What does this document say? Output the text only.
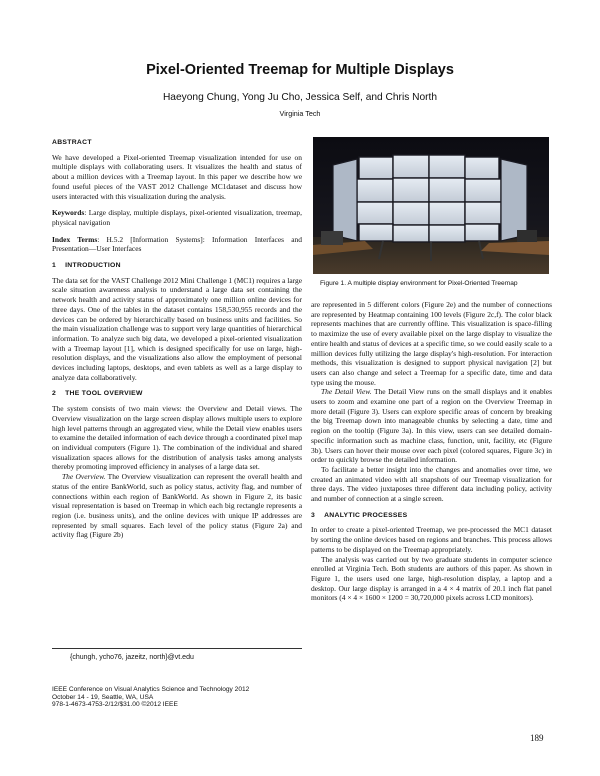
Pixel-Oriented Treemap for Multiple Displays
Haeyong Chung, Yong Ju Cho, Jessica Self, and Chris North
Virginia Tech
ABSTRACT

We have developed a Pixel-oriented Treemap visualization intended for use on multiple displays with collaborating users. It visualizes the health and status of about a million devices with a Treemap layout. In this paper we describe how we found useful pieces of the VAST 2012 Challenge MC1dataset and discuss how users interacted with this visualization during the analysis.

Keywords: Large display, multiple displays, pixel-oriented visualization, treemap, physical navigation

Index Terms: H.5.2 [Information Systems]: Information Interfaces and Presentation—User Interfaces

1 INTRODUCTION

The data set for the VAST Challenge 2012 Mini Challenge 1 (MC1) requires a large scale situation awareness analysis to understand a large data set containing the network health and activity status of approximately one million online devices for three days. One of the tables in the dataset contains 158,530,955 records and the devices can be ordered by hierarchically based on business units and facilities. So the main visualization challenge was to support very large quantities of hierarchical information. To analyze such big data, we developed a pixel-oriented visualization with a Treemap layout [1], which is designed specifically for use on large, high-resolution displays, and the visualizations also allow the employment of personal devices including laptops, desktops, and even tablets as well as a large display to analyze data collaboratively.

2 THE TOOL OVERVIEW

The system consists of two main views: the Overview and Detail views. The Overview visualization on the large screen display allows multiple users to explore high level patterns through an aggregated view, while the Detail view enables users to examine the detailed information of each device through a coordinated pixel map on individual computers (Figure 1). The combination of the individual and shared visualization spaces allows for the distribution of analysis tasks among analysts thereby promoting improved efficiency in analyses of a large data set.

The Overview. The Overview visualization can represent the overall health and status of the entire BankWorld, such as policy status, activity flag, and number of connections within each region of BankWorld. As shown in Figure 2, its basic visual representation is based on Treemap in which each big rectangle represents a region (i.e. business units), and the online devices with unique IP addresses are represented by small squares. Each level of the policy status (Figure 2a) and activity flag (Figure 2b)

{chungh, ycho76, jazeitz, north}@vt.edu
IEEE Conference on Visual Analytics Science and Technology 2012
October 14 - 19, Seattle, WA, USA
978-1-4673-4753-2/12/$31.00 ©2012 IEEE
Figure 1. A multiple display environment for Pixel-Oriented Treemap

are represented in 5 different colors (Figure 2e) and the number of connections are represented by Heatmap containing 100 levels (Figure 2c,f). The color black represents machines that are currently offline. This visualization is space-filling to maximize the use of every available pixel on the large display to visualize the entire health and status of devices at a specific time, so we could easily scale to a million devices fully utilizing the large display's high-resolution. For interaction methods, this visualization is designed to support physical navigation [2] but users can also change and select a Treemap for a specific date, time and data type using the mouse.

The Detail View. The Detail View runs on the small displays and it enables users to zoom and examine one part of a region on the Overview Treemap in more detail (Figure 3). Users can explore specific areas of concern by breaking the big Treemap down into manageable chunks by selecting a date, time and region on the tooltip (Figure 3a). In this view, users can see detailed domain-specific information such as machine class, function, unit, facility, etc (Figure 3b). Users can hover their mouse over each pixel (colored squares, Figure 3c) in order to quickly browse the detailed information.

To facilitate a better insight into the changes and anomalies over time, we created an animated video with all snapshots of our Treemap visualization for three days. The video juxtaposes three different data including policy, activity and number of connection at a single screen.

3 ANALYTIC PROCESSES

In order to create a pixel-oriented Treemap, we pre-processed the MC1 dataset by sorting the online devices based on regions and branches. This process allows patterns to be displayed on the Treemap appropriately.

The analysis was carried out by two graduate students in computer science enrolled at Virginia Tech. Both students are authors of this paper. As shown in Figure 1, the users used one large, high-resolution display, a laptop and a desktop. Our large display is arranged in a 4 × 4 matrix of 20.1 inch flat panel monitors (4 × 4 × 1600 × 1200 = 30,720,000 pixels across LCD monitors).

189
